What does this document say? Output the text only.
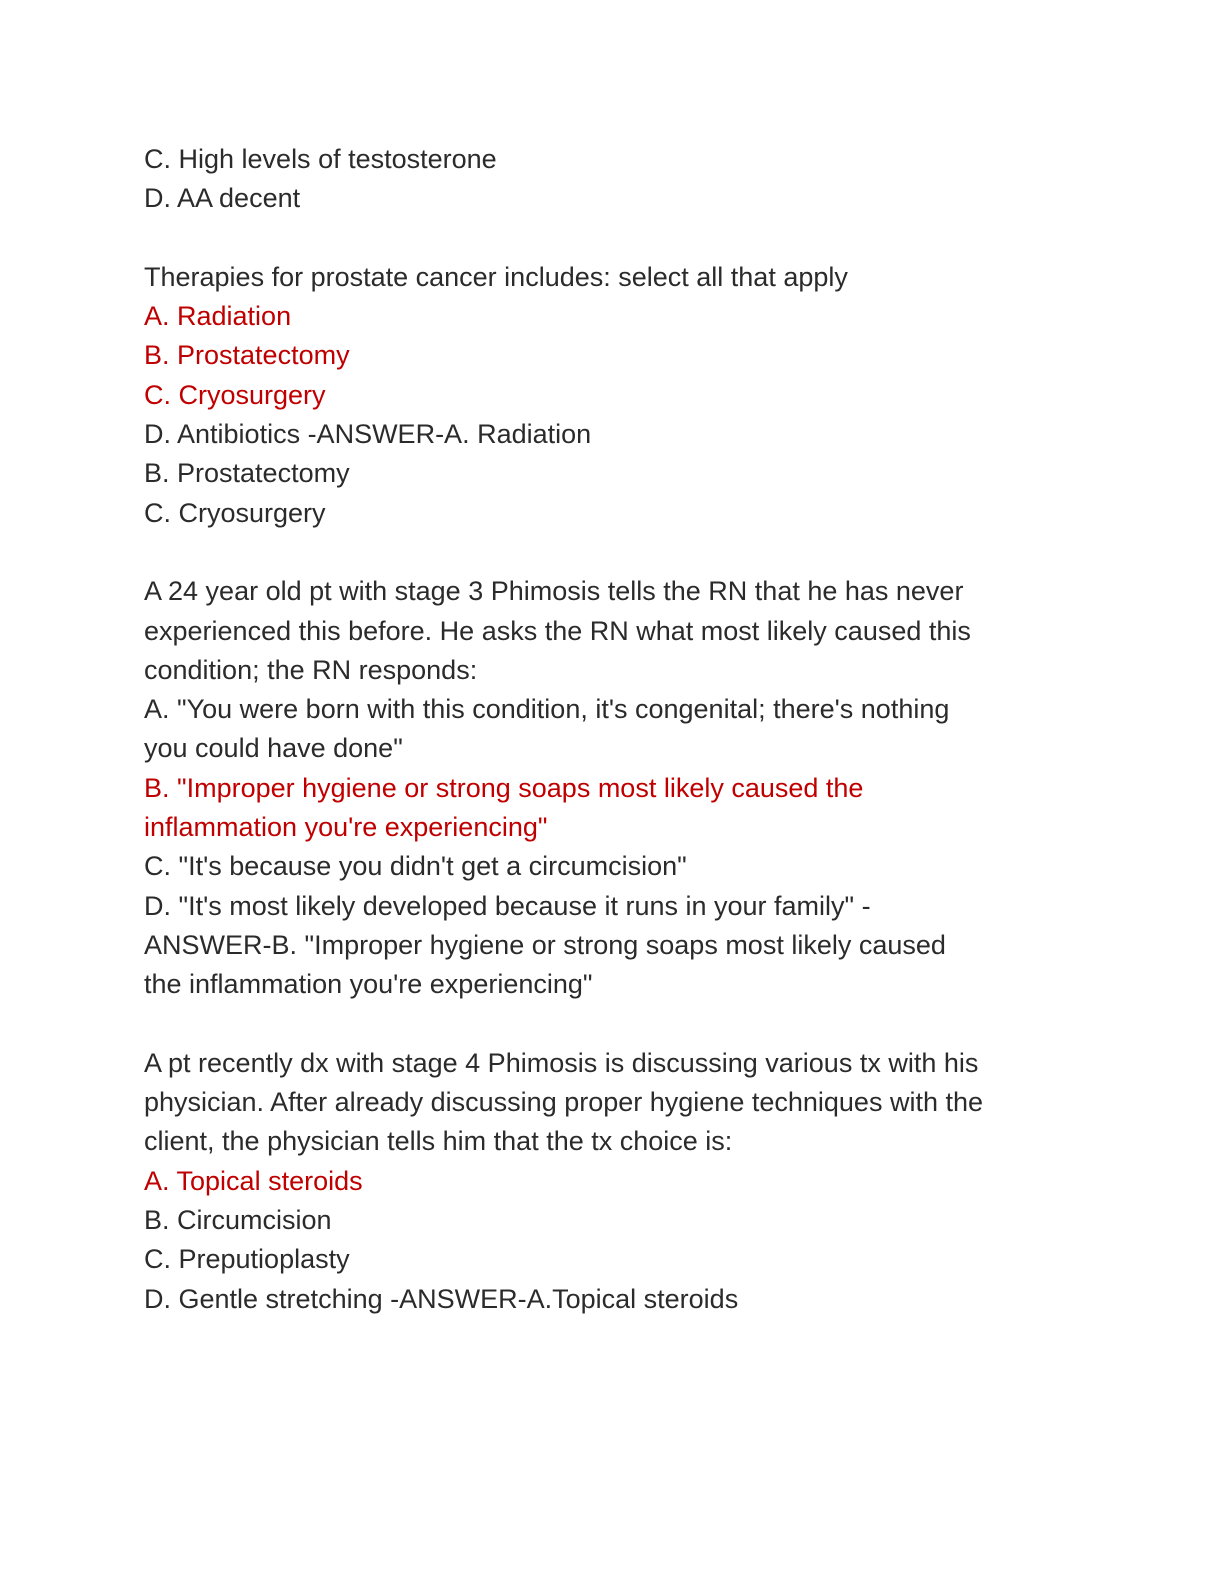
C. High levels of testosterone
D. AA decent
Therapies for prostate cancer includes: select all that apply
A. Radiation
B. Prostatectomy
C. Cryosurgery
D. Antibiotics -ANSWER-A. Radiation
B. Prostatectomy
C. Cryosurgery
A 24 year old pt with stage 3 Phimosis tells the RN that he has never
experienced this before. He asks the RN what most likely caused this
condition; the RN responds:
A. "You were born with this condition, it's congenital; there's nothing
you could have done"
B. "Improper hygiene or strong soaps most likely caused the
inflammation you're experiencing"
C. "It's because you didn't get a circumcision"
D. "It's most likely developed because it runs in your family" -
ANSWER-B. "Improper hygiene or strong soaps most likely caused
the inflammation you're experiencing"
A pt recently dx with stage 4 Phimosis is discussing various tx with his
physician. After already discussing proper hygiene techniques with the
client, the physician tells him that the tx choice is:
A. Topical steroids
B. Circumcision
C. Preputioplasty
D. Gentle stretching -ANSWER-A.Topical steroids
